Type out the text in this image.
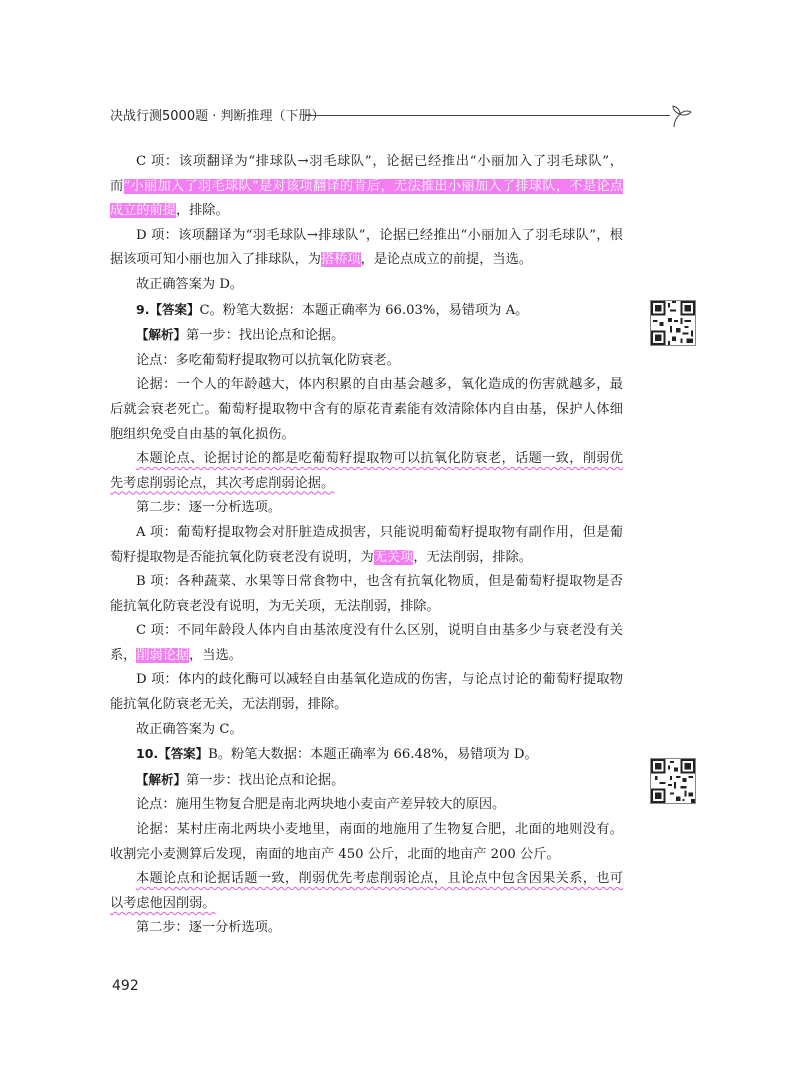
决战行测5000题 · 判断推理（下册）

C 项：该项翻译为“排球队→羽毛球队”，论据已经推出“小丽加入了羽毛球队”，而“小丽加入了羽毛球队”是对该项翻译的肯后，无法推出小丽加入了排球队，不是论点成立的前提，排除。

D 项：该项翻译为“羽毛球队→排球队”，论据已经推出“小丽加入了羽毛球队”，根据该项可知小丽也加入了排球队，为搭桥项，是论点成立的前提，当选。

故正确答案为 D。

9.【答案】C。粉笔大数据：本题正确率为 66.03%，易错项为 A。

【解析】第一步：找出论点和论据。

论点：多吃葡萄籽提取物可以抗氧化防衰老。

论据：一个人的年龄越大，体内积累的自由基会越多，氧化造成的伤害就越多，最后就会衰老死亡。葡萄籽提取物中含有的原花青素能有效清除体内自由基，保护人体细胞组织免受自由基的氧化损伤。

本题论点、论据讨论的都是吃葡萄籽提取物可以抗氧化防衰老，话题一致，削弱优先考虑削弱论点，其次考虑削弱论据。

第二步：逐一分析选项。

A 项：葡萄籽提取物会对肝脏造成损害，只能说明葡萄籽提取物有副作用，但是葡萄籽提取物是否能抗氧化防衰老没有说明，为无关项，无法削弱，排除。

B 项：各种蔬菜、水果等日常食物中，也含有抗氧化物质，但是葡萄籽提取物是否能抗氧化防衰老没有说明，为无关项，无法削弱，排除。

C 项：不同年龄段人体内自由基浓度没有什么区别，说明自由基多少与衰老没有关系，削弱论据，当选。

D 项：体内的歧化酶可以减轻自由基氧化造成的伤害，与论点讨论的葡萄籽提取物能抗氧化防衰老无关，无法削弱，排除。

故正确答案为 C。

10.【答案】B。粉笔大数据：本题正确率为 66.48%，易错项为 D。

【解析】第一步：找出论点和论据。

论点：施用生物复合肥是南北两块地小麦亩产差异较大的原因。

论据：某村庄南北两块小麦地里，南面的地施用了生物复合肥，北面的地则没有。收割完小麦测算后发现，南面的地亩产 450 公斤，北面的地亩产 200 公斤。

本题论点和论据话题一致，削弱优先考虑削弱论点，且论点中包含因果关系，也可以考虑他因削弱。

第二步：逐一分析选项。

492
